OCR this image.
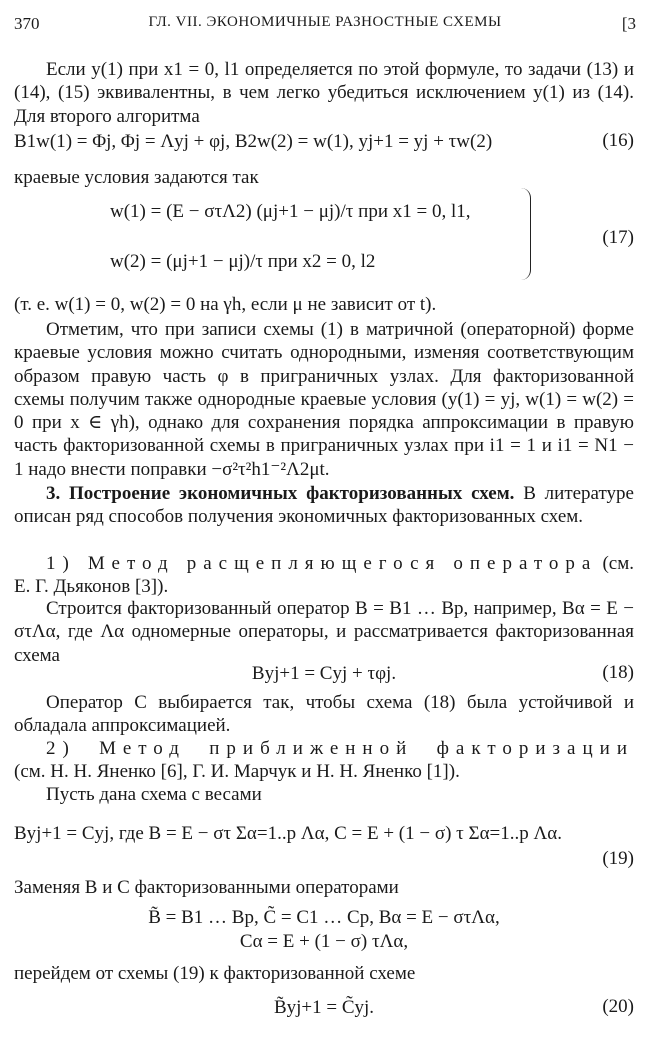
370	ГЛ. VII. ЭКОНОМИЧНЫЕ РАЗНОСТНЫЕ СХЕМЫ	[3

Если y(1) при x1 = 0, l1 определяется по этой формуле, то задачи (13) и (14), (15) эквивалентны, в чем легко убедиться исключением y(1) из (14). Для второго алгоритма

B1w(1) = Φj, Φj = Λyj + φj, B2w(2) = w(1), yj+1 = yj + τw(2)	(16)

краевые условия задаются так

w(1) = (E − στΛ2) (μj+1 − μj)/τ при x1 = 0, l1,
w(2) = (μj+1 − μj)/τ при x2 = 0, l2
(17)

(т. е. w(1) = 0, w(2) = 0 на γh, если μ не зависит от t).

Отметим, что при записи схемы (1) в матричной (операторной) форме краевые условия можно считать однородными, изменяя соответствующим образом правую часть φ в приграничных узлах. Для факторизованной схемы получим также однородные краевые условия (y(1) = yj, w(1) = w(2) = 0 при x ∈ γh), однако для сохранения порядка аппроксимации в правую часть факторизованной схемы в приграничных узлах при i1 = 1 и i1 = N1 − 1 надо внести поправки −σ²τ²h1⁻²Λ2μt.

3. Построение экономичных факторизованных схем. В литературе описан ряд способов получения экономичных факторизованных схем.

1) Метод расщепляющегося оператора (см. Е. Г. Дьяконов [3]).

Строится факторизованный оператор B = B1 … Bp, например, Bα = E − στΛα, где Λα одномерные операторы, и рассматривается факторизованная схема

Byj+1 = Cyj + τφj.	(18)

Оператор C выбирается так, чтобы схема (18) была устойчивой и обладала аппроксимацией.

2) Метод приближенной факторизации (см. Н. Н. Яненко [6], Г. И. Марчук и Н. Н. Яненко [1]).

Пусть дана схема с весами

Byj+1 = Cyj, где B = E − στ Σα=1..p Λα, C = E + (1 − σ) τ Σα=1..p Λα.
(19)

Заменяя B и C факторизованными операторами

B̃ = B1 … Bp, C̃ = C1 … Cp, Bα = E − στΛα,
Cα = E + (1 − σ) τΛα,

перейдем от схемы (19) к факторизованной схеме

B̃yj+1 = C̃yj.	(20)
